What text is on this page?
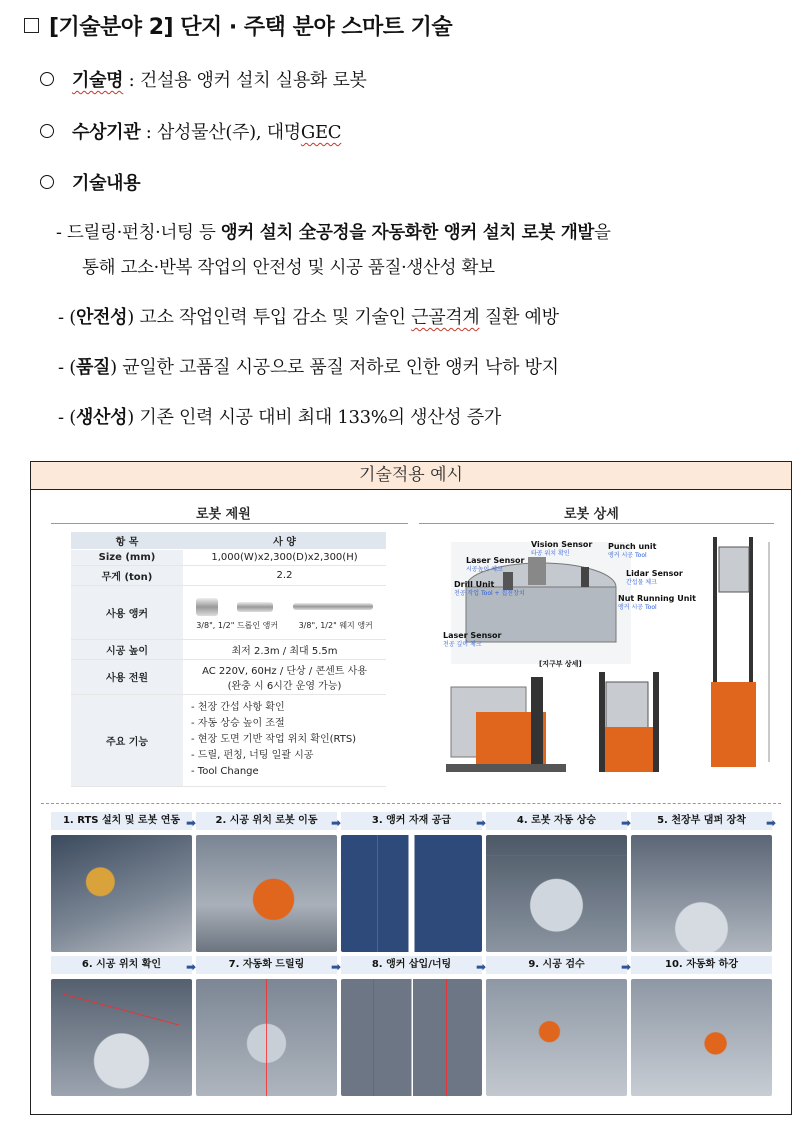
[기술분야 2] 단지 · 주택 분야 스마트 기술
기술명 : 건설용 앵커 설치 실용화 로봇
수상기관 : 삼성물산(주), 대명GEC
기술내용
- 드릴링·펀칭·너팅 등 앵커 설치 全공정을 자동화한 앵커 설치 로봇 개발을
통해 고소·반복 작업의 안전성 및 시공 품질·생산성 확보
- (안전성) 고소 작업인력 투입 감소 및 기술인 근골격계 질환 예방
- (품질) 균일한 고품질 시공으로 품질 저하로 인한 앵커 낙하 방지
- (생산성) 기존 인력 시공 대비 최대 133%의 생산성 증가
기술적용 예시
로봇 제원	로봇 상세
항 목	사 양
Size (mm)	1,000(W)x2,300(D)x2,300(H)
무게 (ton)	2.2
사용 앵커	3/8", 1/2" 드롭인 앵커 3/8", 1/2" 웨지 앵커

시공 높이	최저 2.3m / 최대 5.5m
사용 전원	AC 220V, 60Hz / 단상 / 콘센트 사용
(완충 시 6시간 운영 가능)

주요 기능	- 천장 간섭 사항 확인
- 자동 상승 높이 조절
- 현장 도면 기반 작업 위치 확인(RTS)
- 드릴, 펀칭, 너팅 일괄 시공
- Tool Change
Vision Sensor
타공 위치 확인
Punch unit
앵커 시공 Tool
Laser Sensor
시공높이 체크	Lidar Sensor
간섭물 체크
Drill Unit
천공 작업 Tool + 집진장치
Nut Running Unit
앵커 시공 Tool
Laser Sensor
천공 깊이 체크
[지구부 상세]
1. RTS 설치 및 로봇 연동 ➡	2. 시공 위치 로봇 이동 ➡	3. 앵커 자재 공급 ➡	4. 로봇 자동 상승 ➡	5. 천장부 댐퍼 장착 ➡
6. 시공 위치 확인 ➡	7. 자동화 드릴링 ➡	8. 앵커 삽입/너팅 ➡	9. 시공 검수	➡	10. 자동화 하강
